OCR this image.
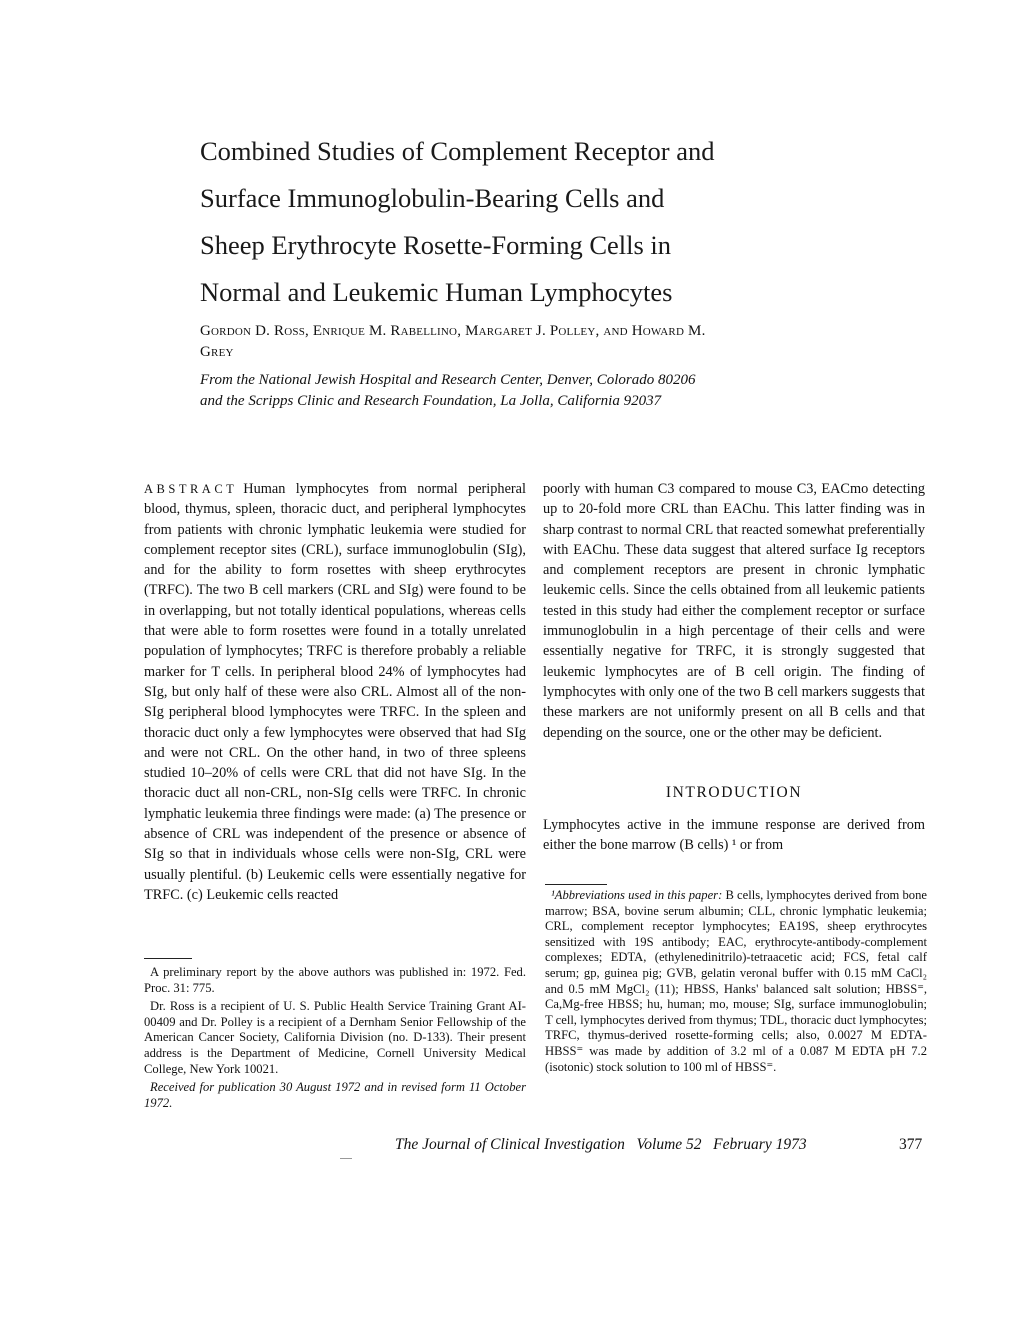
Combined Studies of Complement Receptor and
Surface Immunoglobulin-Bearing Cells and
Sheep Erythrocyte Rosette-Forming Cells in
Normal and Leukemic Human Lymphocytes
Gordon D. Ross, Enrique M. Rabellino, Margaret J. Polley, and Howard M. Grey
From the National Jewish Hospital and Research Center, Denver, Colorado 80206 and the Scripps Clinic and Research Foundation, La Jolla, California 92037

ABSTRACT Human lymphocytes from normal peripheral blood, thymus, spleen, thoracic duct, and peripheral lymphocytes from patients with chronic lymphatic leukemia were studied for complement receptor sites (CRL), surface immunoglobulin (SIg), and for the ability to form rosettes with sheep erythrocytes (TRFC). The two B cell markers (CRL and SIg) were found to be in overlapping, but not totally identical populations, whereas cells that were able to form rosettes were found in a totally unrelated population of lymphocytes; TRFC is therefore probably a reliable marker for T cells. In peripheral blood 24% of lymphocytes had SIg, but only half of these were also CRL. Almost all of the non-SIg peripheral blood lymphocytes were TRFC. In the spleen and thoracic duct only a few lymphocytes were observed that had SIg and were not CRL. On the other hand, in two of three spleens studied 10–20% of cells were CRL that did not have SIg. In the thoracic duct all non-CRL, non-SIg cells were TRFC. In chronic lymphatic leukemia three findings were made: (a) The presence or absence of CRL was independent of the presence or absence of SIg so that in individuals whose cells were non-SIg, CRL were usually plentiful. (b) Leukemic cells were essentially negative for TRFC. (c) Leukemic cells reacted

A preliminary report by the above authors was published in: 1972. Fed. Proc. 31: 775.

Dr. Ross is a recipient of U. S. Public Health Service Training Grant AI-00409 and Dr. Polley is a recipient of a Dernham Senior Fellowship of the American Cancer Society, California Division (no. D-133). Their present address is the Department of Medicine, Cornell University Medical College, New York 10021.

Received for publication 30 August 1972 and in revised form 11 October 1972.

poorly with human C3 compared to mouse C3, EACmo detecting up to 20-fold more CRL than EAChu. This latter finding was in sharp contrast to normal CRL that reacted somewhat preferentially with EAChu. These data suggest that altered surface Ig receptors and complement receptors are present in chronic lymphatic leukemic cells. Since the cells obtained from all leukemic patients tested in this study had either the complement receptor or surface immunoglobulin in a high percentage of their cells and were essentially negative for TRFC, it is strongly suggested that leukemic lymphocytes are of B cell origin. The finding of lymphocytes with only one of the two B cell markers suggests that these markers are not uniformly present on all B cells and that depending on the source, one or the other may be deficient.

INTRODUCTION

Lymphocytes active in the immune response are derived from either the bone marrow (B cells) ¹ or from

¹Abbreviations used in this paper: B cells, lymphocytes derived from bone marrow; BSA, bovine serum albumin; CLL, chronic lymphatic leukemia; CRL, complement receptor lymphocytes; EA19S, sheep erythrocytes sensitized with 19S antibody; EAC, erythrocyte-antibody-complement complexes; EDTA, (ethylenedinitrilo)-tetraacetic acid; FCS, fetal calf serum; gp, guinea pig; GVB, gelatin veronal buffer with 0.15 mM CaCl₂ and 0.5 mM MgCl₂ (11); HBSS, Hanks' balanced salt solution; HBSS⁼, Ca,Mg-free HBSS; hu, human; mo, mouse; SIg, surface immunoglobulin; T cell, lymphocytes derived from thymus; TDL, thoracic duct lymphocytes; TRFC, thymus-derived rosette-forming cells; also, 0.0027 M EDTA-HBSS⁼ was made by addition of 3.2 ml of a 0.087 M EDTA pH 7.2 (isotonic) stock solution to 100 ml of HBSS⁼.

The Journal of Clinical Investigation   Volume 52   February 1973	377
